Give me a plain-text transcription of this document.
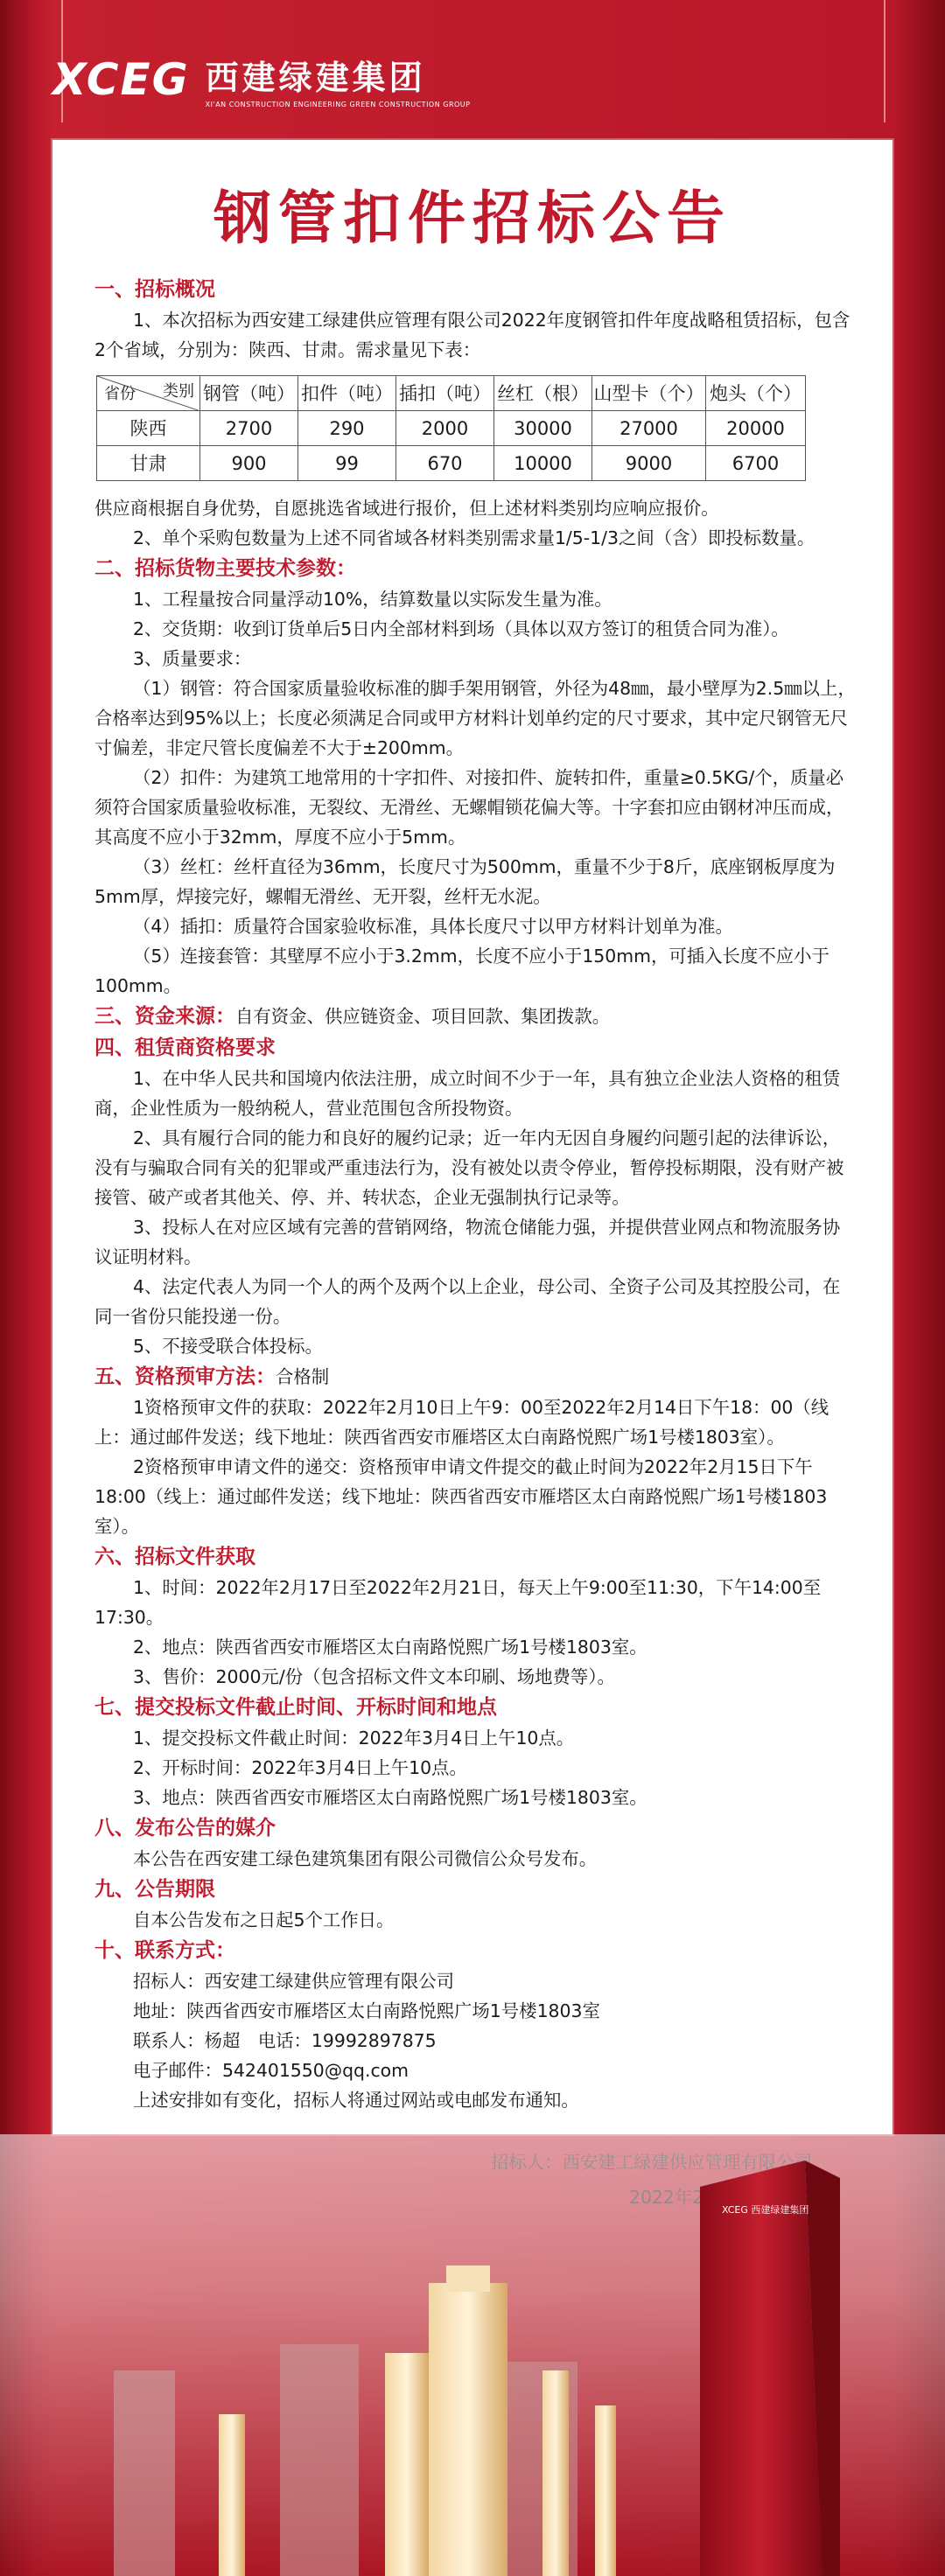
XCEG 西建绿建集团
XI'AN CONSTRUCTION ENGINEERING GREEN CONSTRUCTION GROUP
钢管扣件招标公告
一、招标概况
1、本次招标为西安建工绿建供应管理有限公司2022年度钢管扣件年度战略租赁招标，包含2个省域，分别为：陕西、甘肃。需求量见下表：
类别
省份	钢管（吨）	扣件（吨）	插扣（吨）	丝杠（根）	山型卡（个）	炮头（个）
陕西	2700	290	2000	30000	27000	20000
甘肃	900	99	670	10000	9000	6700
供应商根据自身优势，自愿挑选省域进行报价，但上述材料类别均应响应报价。
2、单个采购包数量为上述不同省域各材料类别需求量1/5-1/3之间（含）即投标数量。
二、招标货物主要技术参数：
1、工程量按合同量浮动10%，结算数量以实际发生量为准。
2、交货期：收到订货单后5日内全部材料到场（具体以双方签订的租赁合同为准）。
3、质量要求：
（1）钢管：符合国家质量验收标准的脚手架用钢管，外径为48㎜，最小壁厚为2.5㎜以上，合格率达到95%以上；长度必须满足合同或甲方材料计划单约定的尺寸要求，其中定尺钢管无尺寸偏差，非定尺管长度偏差不大于±200mm。
（2）扣件：为建筑工地常用的十字扣件、对接扣件、旋转扣件，重量≥0.5KG/个，质量必须符合国家质量验收标准，无裂纹、无滑丝、无螺帽锁花偏大等。十字套扣应由钢材冲压而成，其高度不应小于32mm，厚度不应小于5mm。
（3）丝杠：丝杆直径为36mm，长度尺寸为500mm，重量不少于8斤，底座钢板厚度为5mm厚，焊接完好，螺帽无滑丝、无开裂，丝杆无水泥。
（4）插扣：质量符合国家验收标准，具体长度尺寸以甲方材料计划单为准。
（5）连接套管：其壁厚不应小于3.2mm，长度不应小于150mm，可插入长度不应小于100mm。
三、资金来源：自有资金、供应链资金、项目回款、集团拨款。
四、租赁商资格要求
1、在中华人民共和国境内依法注册，成立时间不少于一年，具有独立企业法人资格的租赁商，企业性质为一般纳税人，营业范围包含所投物资。
2、具有履行合同的能力和良好的履约记录；近一年内无因自身履约问题引起的法律诉讼，没有与骗取合同有关的犯罪或严重违法行为，没有被处以责令停业，暂停投标期限，没有财产被接管、破产或者其他关、停、并、转状态，企业无强制执行记录等。
3、投标人在对应区域有完善的营销网络，物流仓储能力强，并提供营业网点和物流服务协议证明材料。
4、法定代表人为同一个人的两个及两个以上企业，母公司、全资子公司及其控股公司，在同一省份只能投递一份。
5、不接受联合体投标。
五、资格预审方法：合格制
1资格预审文件的获取：2022年2月10日上午9：00至2022年2月14日下午18：00（线上：通过邮件发送；线下地址：陕西省西安市雁塔区太白南路悦熙广场1号楼1803室）。
2资格预审申请文件的递交：资格预审申请文件提交的截止时间为2022年2月15日下午18:00（线上：通过邮件发送；线下地址：陕西省西安市雁塔区太白南路悦熙广场1号楼1803室）。
六、招标文件获取
1、时间：2022年2月17日至2022年2月21日，每天上午9:00至11:30，下午14:00至17:30。
2、地点：陕西省西安市雁塔区太白南路悦熙广场1号楼1803室。
3、售价：2000元/份（包含招标文件文本印刷、场地费等）。
七、提交投标文件截止时间、开标时间和地点
1、提交投标文件截止时间：2022年3月4日上午10点。
2、开标时间：2022年3月4日上午10点。
3、地点：陕西省西安市雁塔区太白南路悦熙广场1号楼1803室。
八、发布公告的媒介
本公告在西安建工绿色建筑集团有限公司微信公众号发布。
九、公告期限
自本公告发布之日起5个工作日。
十、联系方式：
招标人：西安建工绿建供应管理有限公司
地址：陕西省西安市雁塔区太白南路悦熙广场1号楼1803室
联系人：杨超　电话：19992897875
电子邮件：542401550@qq.com
上述安排如有变化，招标人将通过网站或电邮发布通知。
XCEG 西建绿建集团
